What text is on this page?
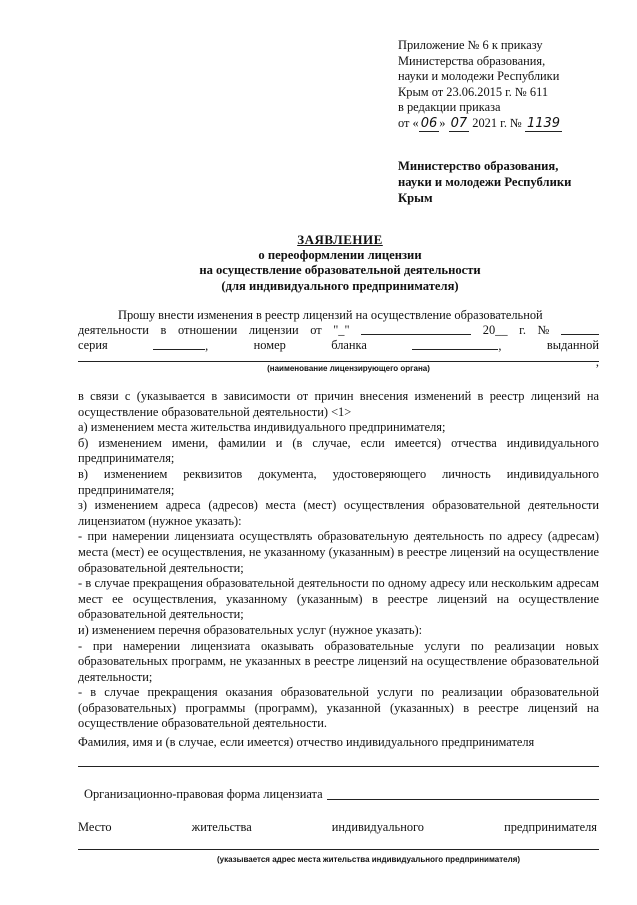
Приложение № 6 к приказу
Министерства образования,
науки и молодежи Республики
Крым от 23.06.2015 г. № 611
в редакции приказа
от « 06 » 07 2021 г. № 1139
Министерство образования,
науки и молодежи Республики
Крым
ЗАЯВЛЕНИЕ
о переоформлении лицензии
на осуществление образовательной деятельности
(для индивидуального предпринимателя)
Прошу внести изменения в реестр лицензий на осуществление образовательной
деятельности в отношении лицензии от "_"	20__ г. №
серия	,	номер	бланка	,	выданной
,
(наименование лицензирующего органа)

в связи с (указывается в зависимости от причин внесения изменений в реестр лицензий на осуществление образовательной деятельности) <1>

а) изменением места жительства индивидуального предпринимателя;

б) изменением имени, фамилии и (в случае, если имеется) отчества индивидуального предпринимателя;

в) изменением реквизитов документа, удостоверяющего личность индивидуального предпринимателя;

з) изменением адреса (адресов) места (мест) осуществления образовательной деятельности лицензиатом (нужное указать):

- при намерении лицензиата осуществлять образовательную деятельность по адресу (адресам) места (мест) ее осуществления, не указанному (указанным) в реестре лицензий на осуществление образовательной деятельности;

- в случае прекращения образовательной деятельности по одному адресу или нескольким адресам мест ее осуществления, указанному (указанным) в реестре лицензий на осуществление образовательной деятельности;

и) изменением перечня образовательных услуг (нужное указать):

- при намерении лицензиата оказывать образовательные услуги по реализации новых образовательных программ, не указанных в реестре лицензий на осуществление образовательной деятельности;

- в случае прекращения оказания образовательной услуги по реализации образовательной (образовательных) программы (программ), указанной (указанных) в реестре лицензий на осуществление образовательной деятельности.

Фамилия, имя и (в случае, если имеется) отчество индивидуального предпринимателя
Организационно-правовая форма лицензиата
Место	жительства	индивидуального	предпринимателя
(указывается адрес места жительства индивидуального предпринимателя)
